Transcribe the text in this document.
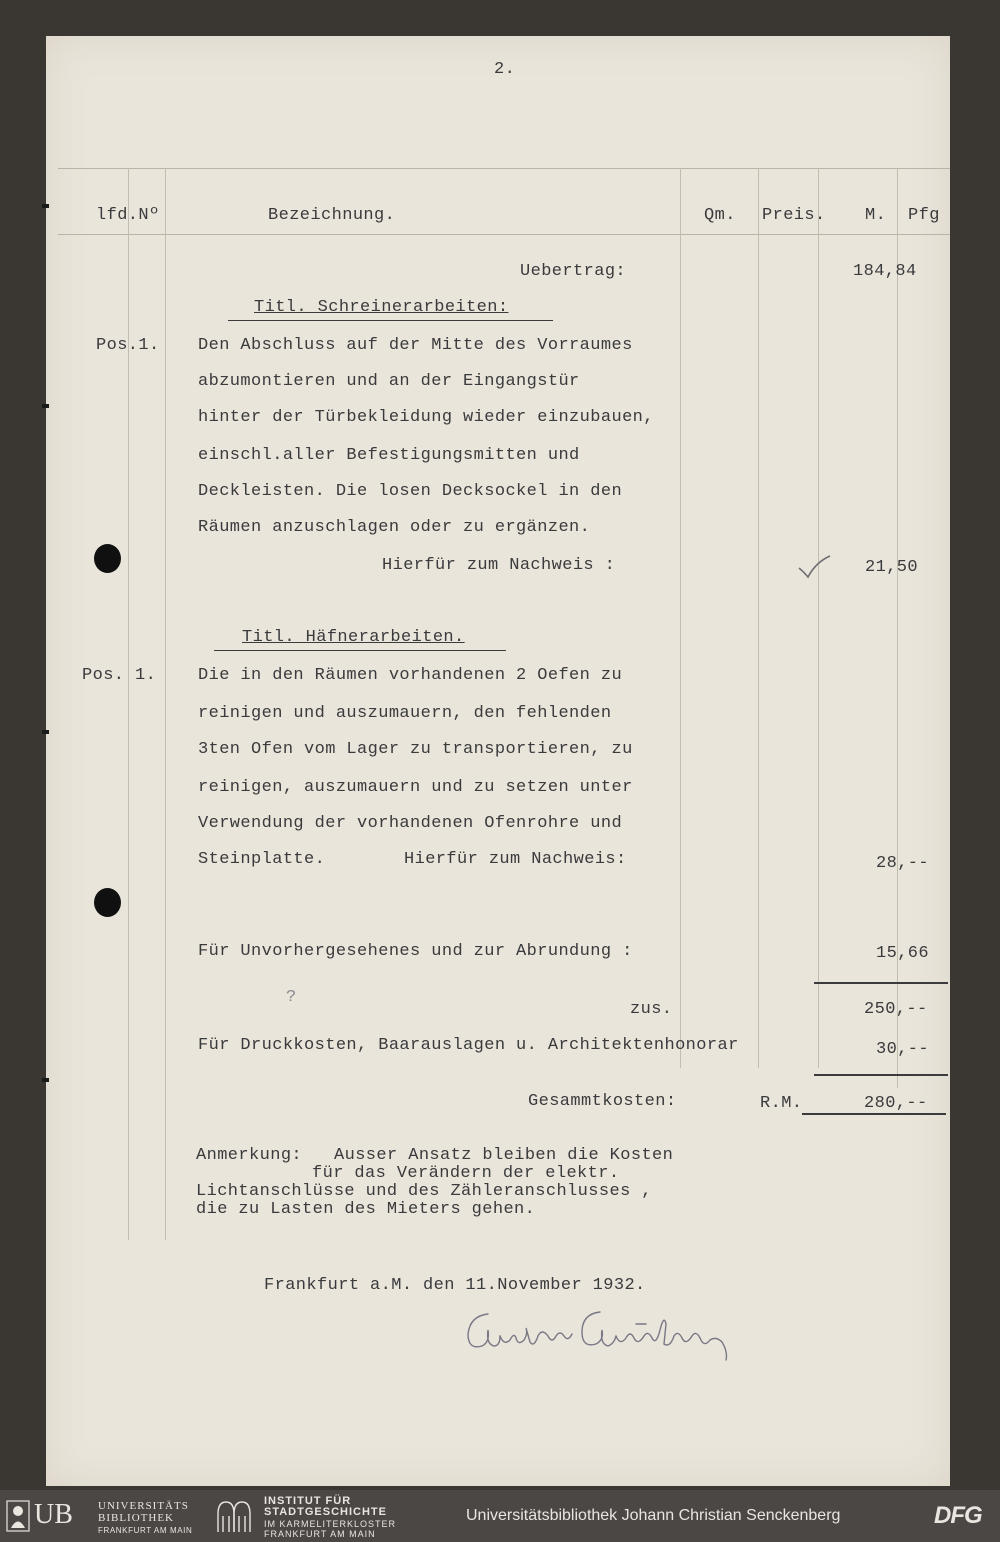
2.
lfd.Nº	Bezeichnung.	Qm. Preis. M. Pfg
Uebertrag:	184,84
Titl. Schreinerarbeiten:
Pos.1. Den Abschluss auf der Mitte des Vorraumes
abzumontieren und an der Eingangstür
hinter der Türbekleidung wieder einzubauen,
einschl.aller Befestigungsmitten und
Deckleisten. Die losen Decksockel in den
Räumen anzuschlagen oder zu ergänzen.
Hierfür zum Nachweis :	21,50
Titl. Häfnerarbeiten.
Pos. 1. Die in den Räumen vorhandenen 2 Oefen zu
reinigen und auszumauern, den fehlenden
3ten Ofen vom Lager zu transportieren, zu
reinigen, auszumauern und zu setzen unter
Verwendung der vorhandenen Ofenrohre und
Steinplatte.	Hierfür zum Nachweis:	28,--
Für Unvorhergesehenes und zur Abrundung :	15,66
?
zus.	250,--
Für Druckkosten, Baarauslagen u. Architektenhonorar	30,--
Gesammtkosten:	R.M.	280,--
Anmerkung: Ausser Ansatz bleiben die Kosten
für das Verändern der elektr.
Lichtanschlüsse und des Zähleranschlusses ,
die zu Lasten des Mieters gehen.
Frankfurt a.M. den 11.November 1932.
UB UNIVERSITÄTS
BIBLIOTHEK
FRANKFURT AM MAIN
INSTITUT FÜR
STADTGESCHICHTE
IM KARMELITERKLOSTER
FRANKFURT AM MAIN
Universitätsbibliothek Johann Christian Senckenberg	DFG
